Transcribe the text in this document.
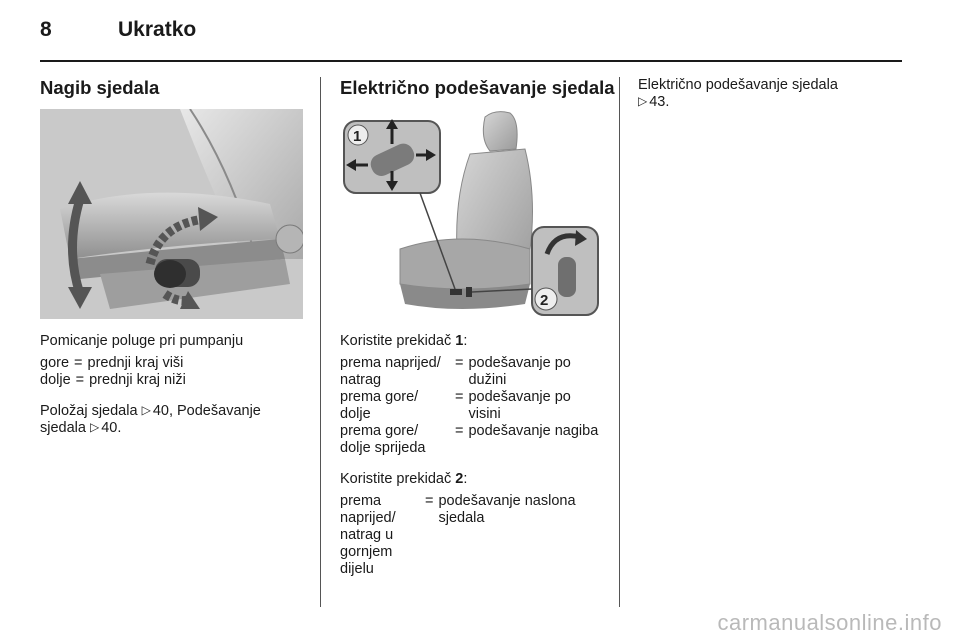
8	Ukratko
Nagib sjedala
Pomicanje poluge pri pumpanju
gore = prednji kraj viši
dolje = prednji kraj niži
Položaj sjedala ▷ 40, Podešavanje sjedala ▷ 40.
Električno podešavanje sjedala
1
2
Koristite prekidač 1:
prema naprijed/ natrag
= podešavanje po dužini
prema gore/ dolje
= podešavanje po visini
prema gore/ dolje sprijeda
= podešavanje nagiba
Koristite prekidač 2:
prema naprijed/ natrag u gornjem dijelu
= podešavanje naslona sjedala
Električno podešavanje sjedala
▷ 43.
carmanualsonline.info
